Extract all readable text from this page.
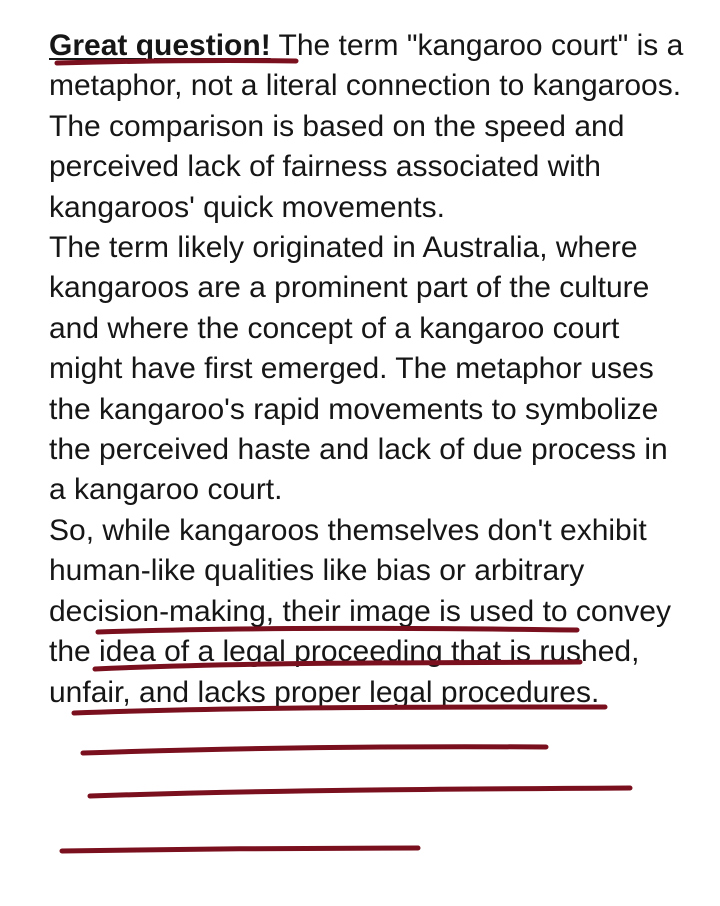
Great question! The term "kangaroo court" is a metaphor, not a literal connection to kangaroos. The comparison is based on the speed and perceived lack of fairness associated with kangaroos' quick movements.

The term likely originated in Australia, where kangaroos are a prominent part of the culture and where the concept of a kangaroo court might have first emerged. The metaphor uses the kangaroo's rapid movements to symbolize the perceived haste and lack of due process in a kangaroo court.

So, while kangaroos themselves don't exhibit human-like qualities like bias or arbitrary decision-making, their image is used to convey the idea of a legal proceeding that is rushed, unfair, and lacks proper legal procedures.
